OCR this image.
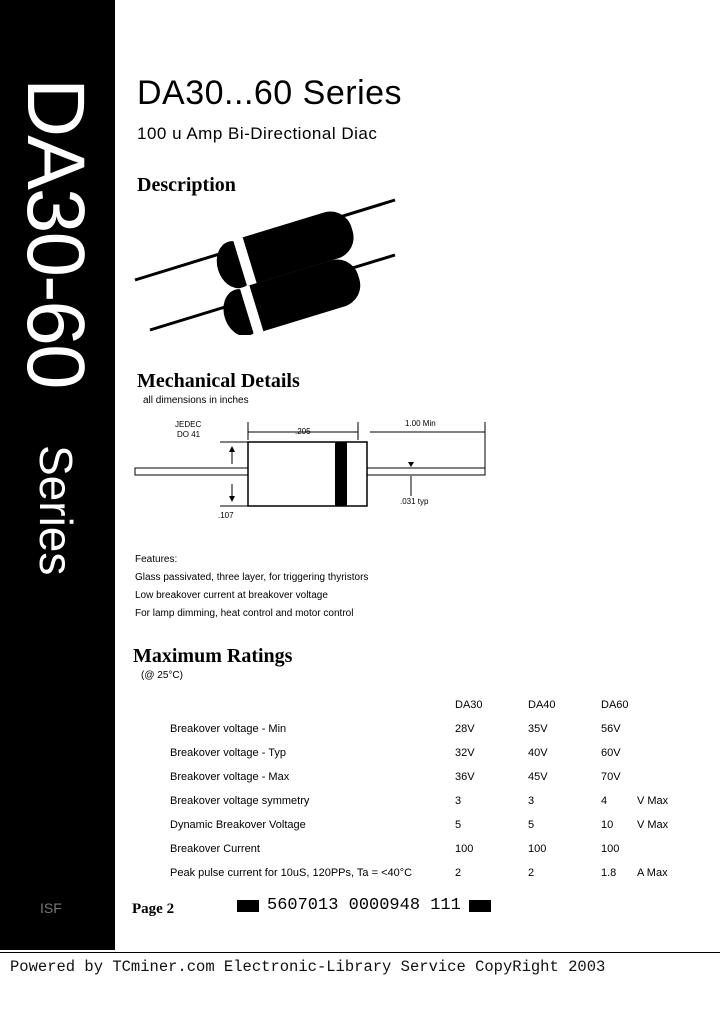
DA30-60
Series
DA30...60 Series
100 u Amp Bi-Directional Diac
Description
Mechanical Details
all dimensions in inches
JEDEC
DO 41	.205
1.00 Min
.107
.031 typ
Features:
Glass passivated, three layer, for triggering thyristors
Low breakover current at breakover voltage
For lamp dimming, heat control and motor control
Maximum Ratings
(@ 25°C)
	DA30	DA40	DA60	
Breakover voltage - Min	28V	35V	56V	
Breakover voltage - Typ	32V	40V	60V	
Breakover voltage - Max	36V	45V	70V	
Breakover voltage symmetry	3	3	4	V Max
Dynamic Breakover Voltage	5	5	10	V Max
Breakover Current	100	100	100	
Peak pulse current for 10uS, 120PPs, Ta = <40°C	2	2	1.8	A Max
ISF	Page 2	5607013 0000948 111
Powered by TCminer.com Electronic-Library Service CopyRight 2003
